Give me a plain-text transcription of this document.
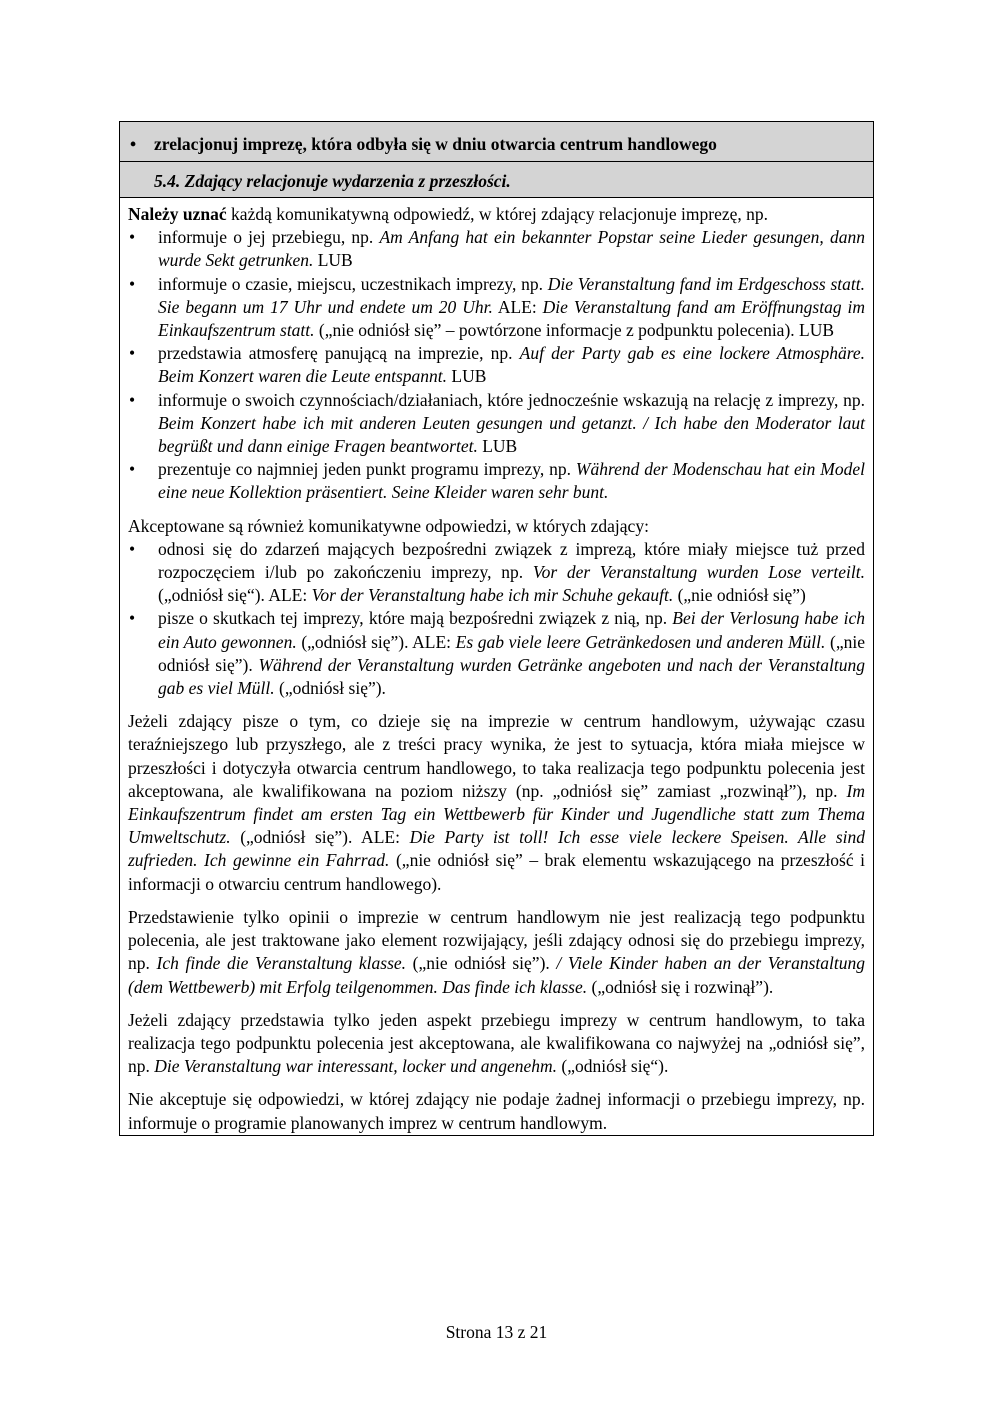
• zrelacjonuj imprezę, która odbyła się w dniu otwarcia centrum handlowego
5.4. Zdający relacjonuje wydarzenia z przeszłości.
Należy uznać każdą komunikatywną odpowiedź, w której zdający relacjonuje imprezę, np.
• informuje o jej przebiegu, np. Am Anfang hat ein bekannter Popstar seine Lieder gesungen, dann wurde Sekt getrunken. LUB
• informuje o czasie, miejscu, uczestnikach imprezy, np. Die Veranstaltung fand im Erdgeschoss statt. Sie begann um 17 Uhr und endete um 20 Uhr. ALE: Die Veranstaltung fand am Eröffnungstag im Einkaufszentrum statt. („nie odniósł się” – powtórzone informacje z podpunktu polecenia). LUB
• przedstawia atmosferę panującą na imprezie, np. Auf der Party gab es eine lockere Atmosphäre. Beim Konzert waren die Leute entspannt. LUB
• informuje o swoich czynnościach/działaniach, które jednocześnie wskazują na relację z imprezy, np. Beim Konzert habe ich mit anderen Leuten gesungen und getanzt. / Ich habe den Moderator laut begrüßt und dann einige Fragen beantwortet. LUB
• prezentuje co najmniej jeden punkt programu imprezy, np. Während der Modenschau hat ein Model eine neue Kollektion präsentiert. Seine Kleider waren sehr bunt.
Akceptowane są również komunikatywne odpowiedzi, w których zdający:
• odnosi się do zdarzeń mających bezpośredni związek z imprezą, które miały miejsce tuż przed rozpoczęciem i/lub po zakończeniu imprezy, np. Vor der Veranstaltung wurden Lose verteilt. („odniósł się“). ALE: Vor der Veranstaltung habe ich mir Schuhe gekauft. („nie odniósł się”)
• pisze o skutkach tej imprezy, które mają bezpośredni związek z nią, np. Bei der Verlosung habe ich ein Auto gewonnen. („odniósł się”). ALE: Es gab viele leere Getränkedosen und anderen Müll. („nie odniósł się”). Während der Veranstaltung wurden Getränke angeboten und nach der Veranstaltung gab es viel Müll. („odniósł się”).
Jeżeli zdający pisze o tym, co dzieje się na imprezie w centrum handlowym, używając czasu teraźniejszego lub przyszłego, ale z treści pracy wynika, że jest to sytuacja, która miała miejsce w przeszłości i dotyczyła otwarcia centrum handlowego, to taka realizacja tego podpunktu polecenia jest akceptowana, ale kwalifikowana na poziom niższy (np. „odniósł się” zamiast „rozwinął”), np. Im Einkaufszentrum findet am ersten Tag ein Wettbewerb für Kinder und Jugendliche statt zum Thema Umweltschutz. („odniósł się”). ALE: Die Party ist toll! Ich esse viele leckere Speisen. Alle sind zufrieden. Ich gewinne ein Fahrrad. („nie odniósł się” – brak elementu wskazującego na przeszłość i informacji o otwarciu centrum handlowego).
Przedstawienie tylko opinii o imprezie w centrum handlowym nie jest realizacją tego podpunktu polecenia, ale jest traktowane jako element rozwijający, jeśli zdający odnosi się do przebiegu imprezy, np. Ich finde die Veranstaltung klasse. („nie odniósł się”). / Viele Kinder haben an der Veranstaltung (dem Wettbewerb) mit Erfolg teilgenommen. Das finde ich klasse. („odniósł się i rozwinął”).
Jeżeli zdający przedstawia tylko jeden aspekt przebiegu imprezy w centrum handlowym, to taka realizacja tego podpunktu polecenia jest akceptowana, ale kwalifikowana co najwyżej na „odniósł się”, np. Die Veranstaltung war interessant, locker und angenehm. („odniósł się“).
Nie akceptuje się odpowiedzi, w której zdający nie podaje żadnej informacji o przebiegu imprezy, np. informuje o programie planowanych imprez w centrum handlowym.
Strona 13 z 21
